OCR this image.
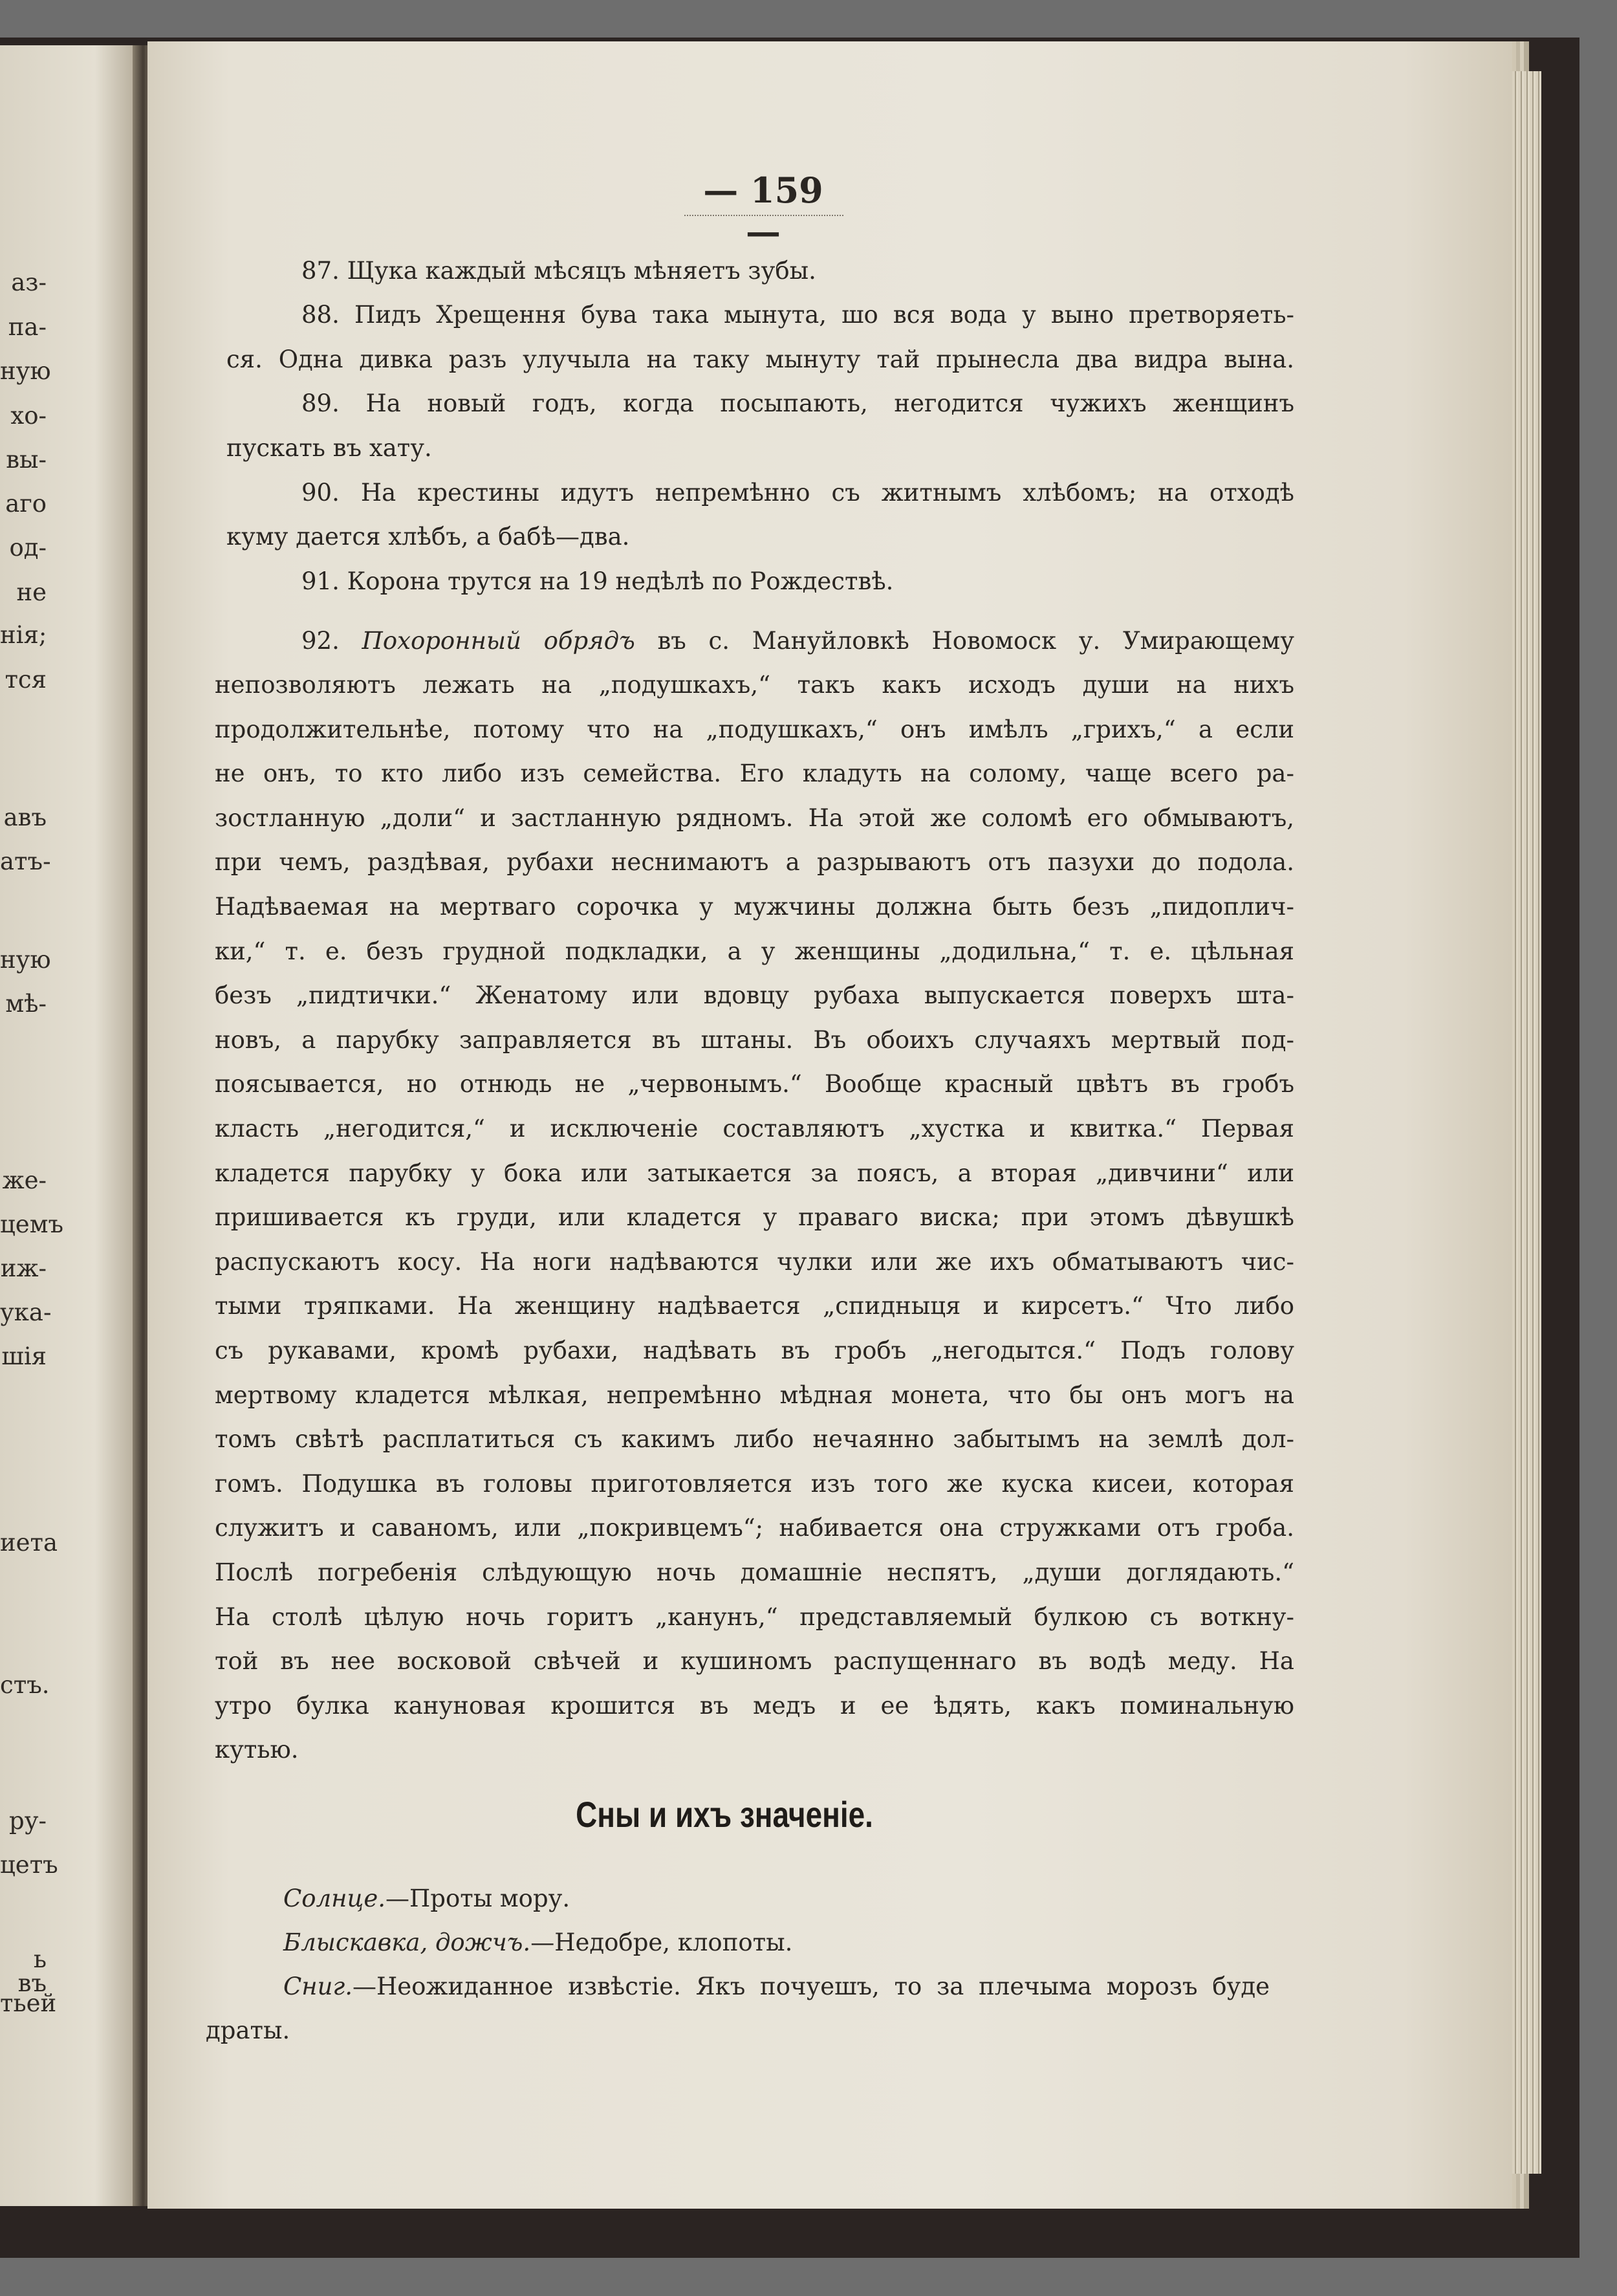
аз-
па-
ную
хо-
вы-
аго
од-
не
нія;
тся
авъ
атъ-
ную
мѣ-
же-
цемъ
иж-
ука-
шія
иета
стъ.
ру-
цетъ
ь въ
тьей
— 159 —
87. Щука каждый мѣсяцъ мѣняетъ зубы.
88. Пидъ Хрещення бува така мынута, шо вся вода у выно претворяеть-
ся. Одна дивка разъ улучыла на таку мынуту тай прынесла два видра вына.
89. На новый годъ, когда посыпають, негодится чужихъ женщинъ
пускать въ хату.
90. На крестины идутъ непремѣнно съ житнымъ хлѣбомъ; на отходѣ
куму дается хлѣбъ, а бабѣ—два.
91. Корона трутся на 19 недѣлѣ по Рождествѣ.
92. Похоронный обрядъ въ с. Мануйловкѣ Новомоск у. Умирающему
непозволяютъ лежать на „подушкахъ,“ такъ какъ исходъ души на нихъ
продолжительнѣе, потому что на „подушкахъ,“ онъ имѣлъ „грихъ,“ а если
не онъ, то кто либо изъ семейства. Его кладуть на солому, чаще всего ра-
зостланную „доли“ и застланную рядномъ. На этой же соломѣ его обмываютъ,
при чемъ, раздѣвая, рубахи неснимаютъ а разрываютъ отъ пазухи до подола.
Надѣваемая на мертваго сорочка у мужчины должна быть безъ „пидоплич-
ки,“ т. е. безъ грудной подкладки, а у женщины „додильна,“ т. е. цѣльная
безъ „пидтички.“ Женатому или вдовцу рубаха выпускается поверхъ шта-
новъ, а парубку заправляется въ штаны. Въ обоихъ случаяхъ мертвый под-
поясывается, но отнюдь не „червонымъ.“ Вообще красный цвѣтъ въ гробъ
класть „негодится,“ и исключеніе составляютъ „хустка и квитка.“ Первая
кладется парубку у бока или затыкается за поясъ, а вторая „дивчини“ или
пришивается къ груди, или кладется у праваго виска; при этомъ дѣвушкѣ
распускаютъ косу. На ноги надѣваются чулки или же ихъ обматываютъ чис-
тыми тряпками. На женщину надѣвается „спидныця и кирсетъ.“ Что либо
съ рукавами, кромѣ рубахи, надѣвать въ гробъ „негодытся.“ Подъ голову
мертвому кладется мѣлкая, непремѣнно мѣдная монета, что бы онъ могъ на
томъ свѣтѣ расплатиться съ какимъ либо нечаянно забытымъ на землѣ дол-
гомъ. Подушка въ головы приготовляется изъ того же куска кисеи, которая
служитъ и саваномъ, или „покривцемъ“; набивается она стружками отъ гроба.
Послѣ погребенія слѣдующую ночь домашніе неспятъ, „души доглядають.“
На столѣ цѣлую ночь горитъ „канунъ,“ представляемый булкою съ воткну-
той въ нее восковой свѣчей и кушиномъ распущеннаго въ водѣ меду. На
утро булка кануновая крошится въ медъ и ее ѣдять, какъ поминальную
кутью.
Сны и ихъ значеніе.
Солнце.—Проты мору.
Блыскавка, дожчъ.—Недобре, клопоты.
Сниг.—Неожиданное извѣстіе. Якъ почуешъ, то за плечыма морозъ буде
драты.
